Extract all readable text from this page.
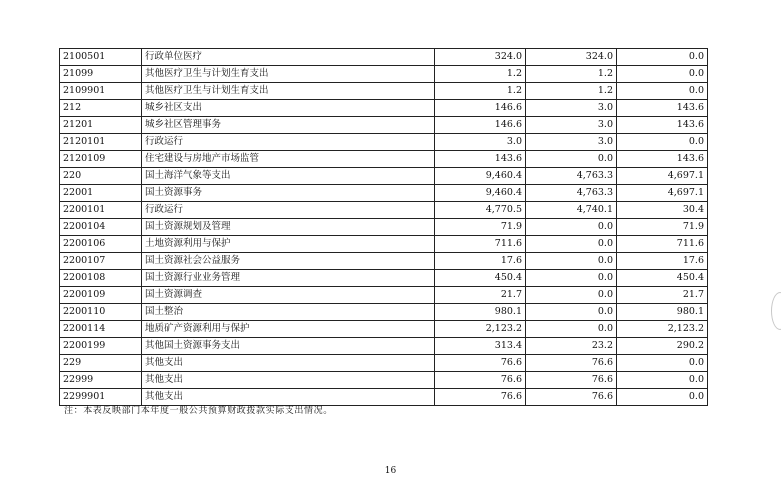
2100501	行政单位医疗	324.0	324.0	0.0
21099	其他医疗卫生与计划生育支出	1.2	1.2	0.0
2109901	其他医疗卫生与计划生育支出	1.2	1.2	0.0
212	城乡社区支出	146.6	3.0	143.6
21201	城乡社区管理事务	146.6	3.0	143.6
2120101	行政运行	3.0	3.0	0.0
2120109	住宅建设与房地产市场监管	143.6	0.0	143.6
220	国土海洋气象等支出	9,460.4	4,763.3	4,697.1
22001	国土资源事务	9,460.4	4,763.3	4,697.1
2200101	行政运行	4,770.5	4,740.1	30.4
2200104	国土资源规划及管理	71.9	0.0	71.9
2200106	土地资源利用与保护	711.6	0.0	711.6
2200107	国土资源社会公益服务	17.6	0.0	17.6
2200108	国土资源行业业务管理	450.4	0.0	450.4
2200109	国土资源调查	21.7	0.0	21.7
2200110	国土整治	980.1	0.0	980.1
2200114	地质矿产资源利用与保护	2,123.2	0.0	2,123.2
2200199	其他国土资源事务支出	313.4	23.2	290.2
229	其他支出	76.6	76.6	0.0
22999	其他支出	76.6	76.6	0.0
2299901	其他支出	76.6	76.6	0.0
注：本表反映部门本年度一般公共预算财政拨款实际支出情况。
16
